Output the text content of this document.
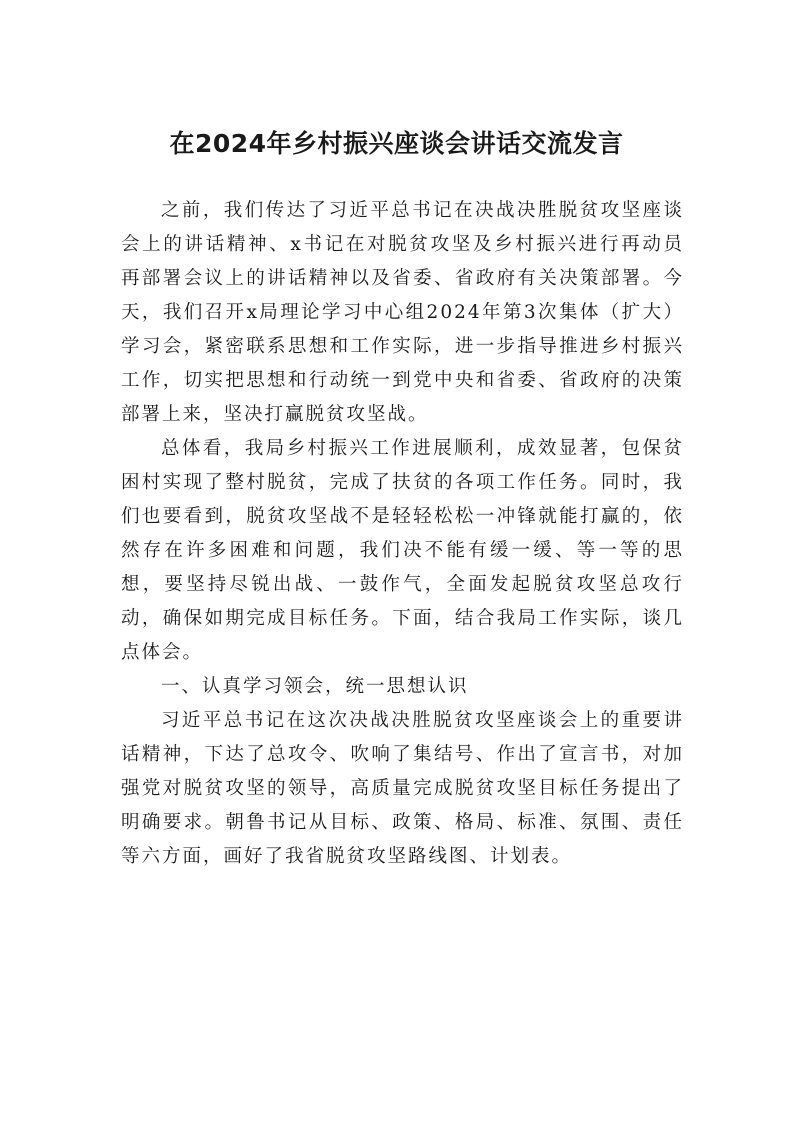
在2024年乡村振兴座谈会讲话交流发言

之前，我们传达了习近平总书记在决战决胜脱贫攻坚座谈会上的讲话精神、x书记在对脱贫攻坚及乡村振兴进行再动员再部署会议上的讲话精神以及省委、省政府有关决策部署。今天，我们召开x局理论学习中心组2024年第3次集体（扩大）学习会，紧密联系思想和工作实际，进一步指导推进乡村振兴工作，切实把思想和行动统一到党中央和省委、省政府的决策部署上来，坚决打赢脱贫攻坚战。

总体看，我局乡村振兴工作进展顺利，成效显著，包保贫困村实现了整村脱贫，完成了扶贫的各项工作任务。同时，我们也要看到，脱贫攻坚战不是轻轻松松一冲锋就能打赢的，依然存在许多困难和问题，我们决不能有缓一缓、等一等的思想，要坚持尽锐出战、一鼓作气，全面发起脱贫攻坚总攻行动，确保如期完成目标任务。下面，结合我局工作实际，谈几点体会。

一、认真学习领会，统一思想认识

习近平总书记在这次决战决胜脱贫攻坚座谈会上的重要讲话精神，下达了总攻令、吹响了集结号、作出了宣言书，对加强党对脱贫攻坚的领导，高质量完成脱贫攻坚目标任务提出了明确要求。朝鲁书记从目标、政策、格局、标准、氛围、责任等六方面，画好了我省脱贫攻坚路线图、计划表。
